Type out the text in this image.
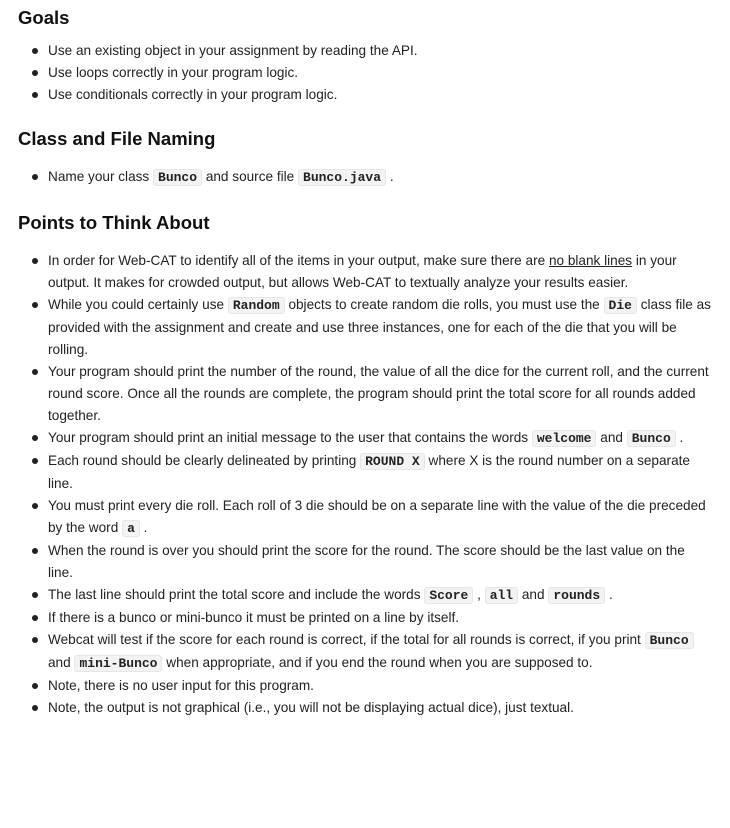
Goals
Use an existing object in your assignment by reading the API.
Use loops correctly in your program logic.
Use conditionals correctly in your program logic.
Class and File Naming
Name your class Bunco and source file Bunco.java .
Points to Think About
In order for Web-CAT to identify all of the items in your output, make sure there are no blank lines in your output. It makes for crowded output, but allows Web-CAT to textually analyze your results easier.
While you could certainly use Random objects to create random die rolls, you must use the Die class file as provided with the assignment and create and use three instances, one for each of the die that you will be rolling.
Your program should print the number of the round, the value of all the dice for the current roll, and the current round score. Once all the rounds are complete, the program should print the total score for all rounds added together.
Your program should print an initial message to the user that contains the words welcome and Bunco .
Each round should be clearly delineated by printing ROUND X where X is the round number on a separate line.
You must print every die roll. Each roll of 3 die should be on a separate line with the value of the die preceded by the word a .
When the round is over you should print the score for the round. The score should be the last value on the line.
The last line should print the total score and include the words Score , all and rounds .
If there is a bunco or mini-bunco it must be printed on a line by itself.
Webcat will test if the score for each round is correct, if the total for all rounds is correct, if you print Bunco and mini-Bunco when appropriate, and if you end the round when you are supposed to.
Note, there is no user input for this program.
Note, the output is not graphical (i.e., you will not be displaying actual dice), just textual.
